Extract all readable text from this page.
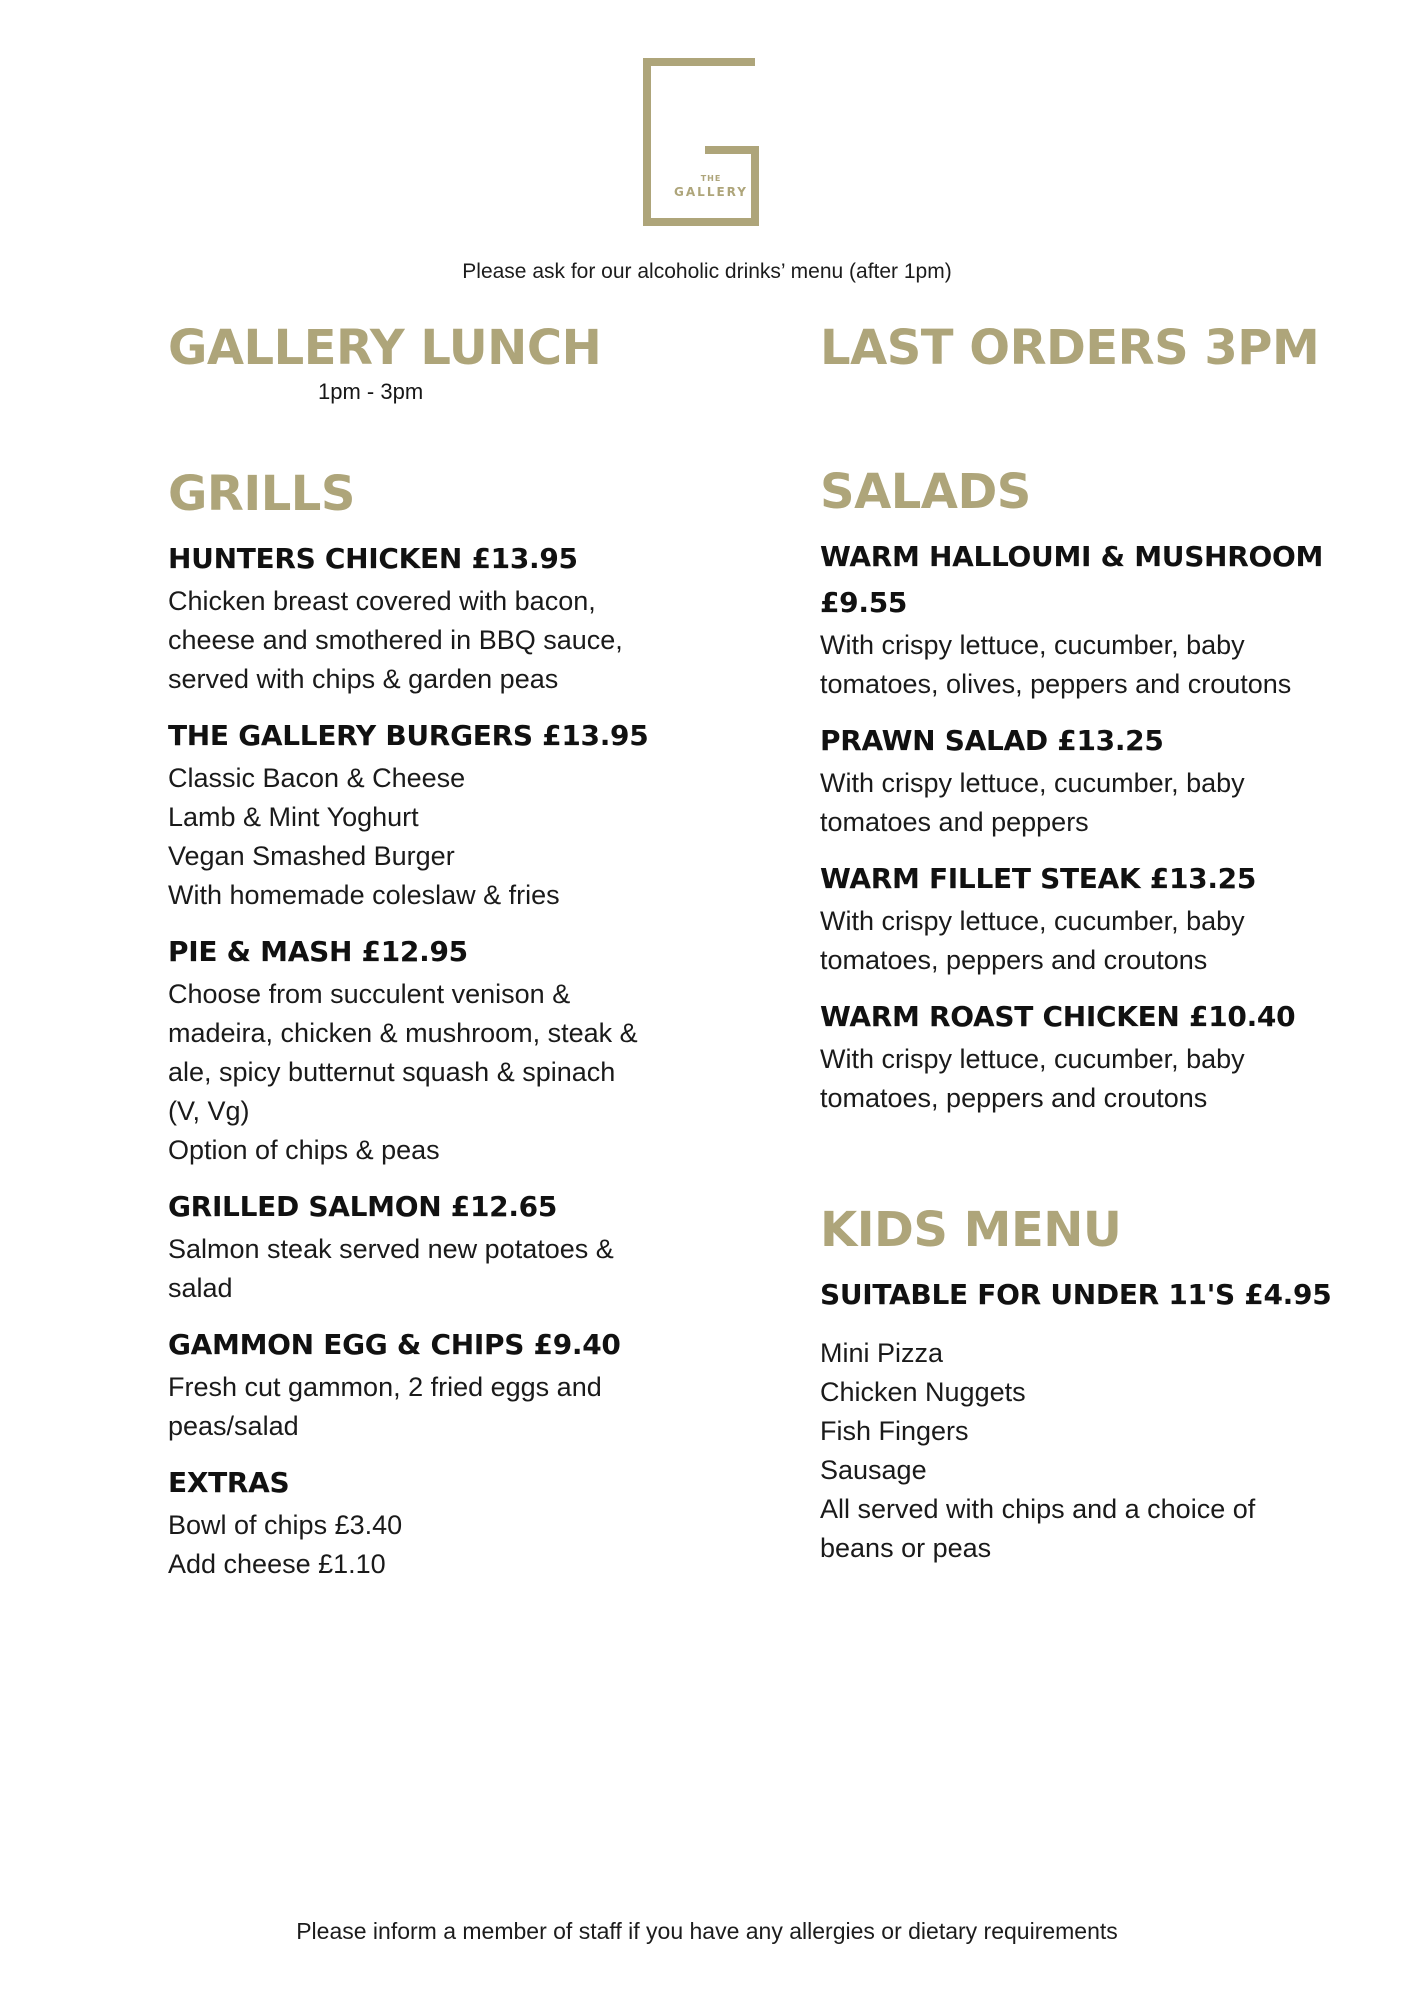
THE
GALLERY
Please ask for our alcoholic drinks’ menu (after 1pm)
GALLERY LUNCH
1pm - 3pm
GRILLS
HUNTERS CHICKEN £13.95
Chicken breast covered with bacon,
cheese and smothered in BBQ sauce,
served with chips & garden peas
THE GALLERY BURGERS £13.95
Classic Bacon & Cheese
Lamb & Mint Yoghurt
Vegan Smashed Burger
With homemade coleslaw & fries
PIE & MASH £12.95
Choose from succulent venison &
madeira, chicken & mushroom, steak &
ale, spicy butternut squash & spinach
(V, Vg)
Option of chips & peas
GRILLED SALMON £12.65
Salmon steak served new potatoes &
salad
GAMMON EGG & CHIPS £9.40
Fresh cut gammon, 2 fried eggs and
peas/salad
EXTRAS
Bowl of chips £3.40
Add cheese £1.10
LAST ORDERS 3PM
SALADS
WARM HALLOUMI & MUSHROOM
£9.55
With crispy lettuce, cucumber, baby
tomatoes, olives, peppers and croutons
PRAWN SALAD £13.25
With crispy lettuce, cucumber, baby
tomatoes and peppers
WARM FILLET STEAK £13.25
With crispy lettuce, cucumber, baby
tomatoes, peppers and croutons
WARM ROAST CHICKEN £10.40
With crispy lettuce, cucumber, baby
tomatoes, peppers and croutons
KIDS MENU
SUITABLE FOR UNDER 11'S £4.95
Mini Pizza
Chicken Nuggets
Fish Fingers
Sausage
All served with chips and a choice of
beans or peas
Please inform a member of staff if you have any allergies or dietary requirements
